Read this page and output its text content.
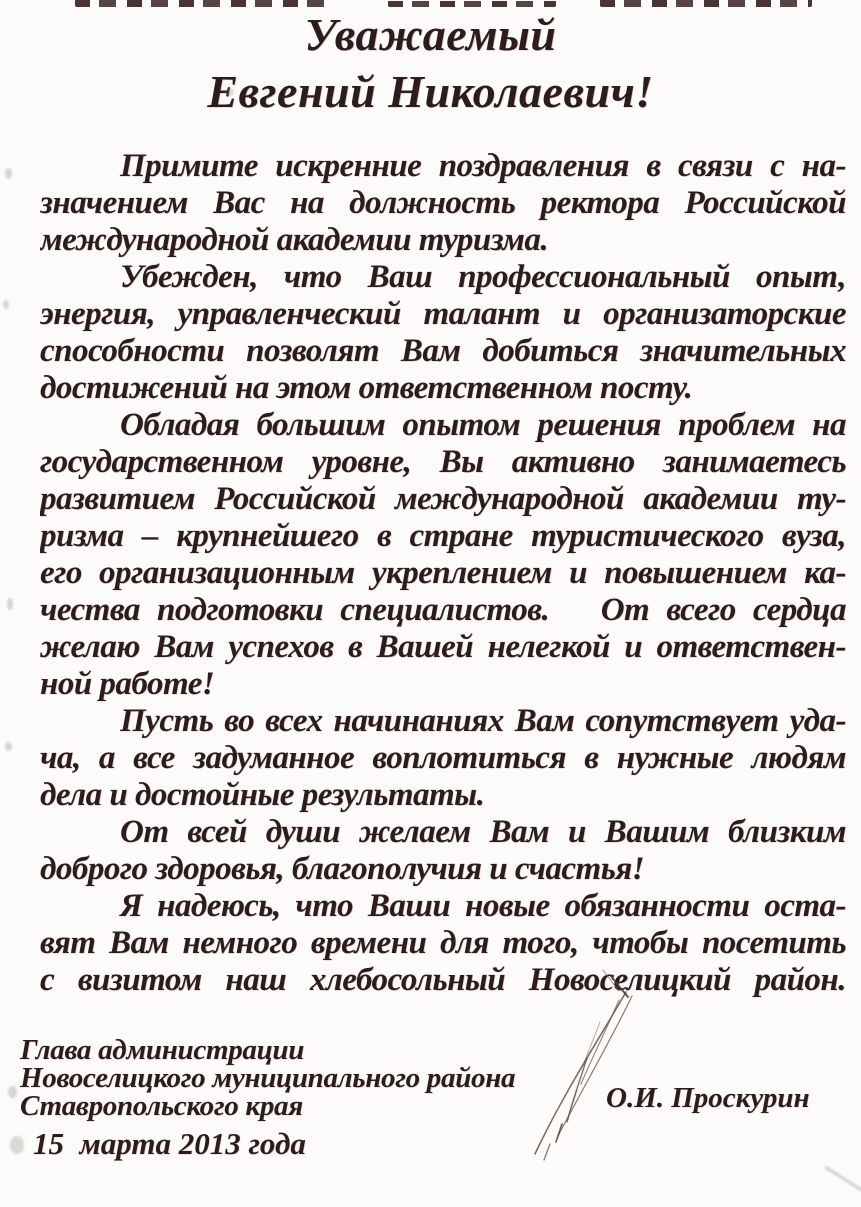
Уважаемый
Евгений Николаевич!
Примите искренние поздравления в связи с на-
значением Вас на должность ректора Российской
международной академии туризма.
Убежден, что Ваш профессиональный опыт,
энергия, управленческий талант и организаторские
способности позволят Вам добиться значительных
достижений на этом ответственном посту.
Обладая большим опытом решения проблем на
государственном уровне, Вы активно занимаетесь
развитием Российской международной академии ту-
ризма – крупнейшего в стране туристического вуза,
его организационным укреплением и повышением ка-
чества подготовки специалистов.   От всего сердца
желаю Вам успехов в Вашей нелегкой и ответствен-
ной работе!
Пусть во всех начинаниях Вам сопутствует уда-
ча, а все задуманное воплотиться в нужные людям
дела и достойные результаты.
От всей души желаем Вам и Вашим близким
доброго здоровья, благополучия и счастья!
Я надеюсь, что Ваши новые обязанности оста-
вят Вам немного времени для того, чтобы посетить
с визитом наш хлебосольный Новоселицкий район.
Глава администрации
Новоселицкого муниципального района
Ставропольского края	О.И. Проскурин
15  марта 2013 года
